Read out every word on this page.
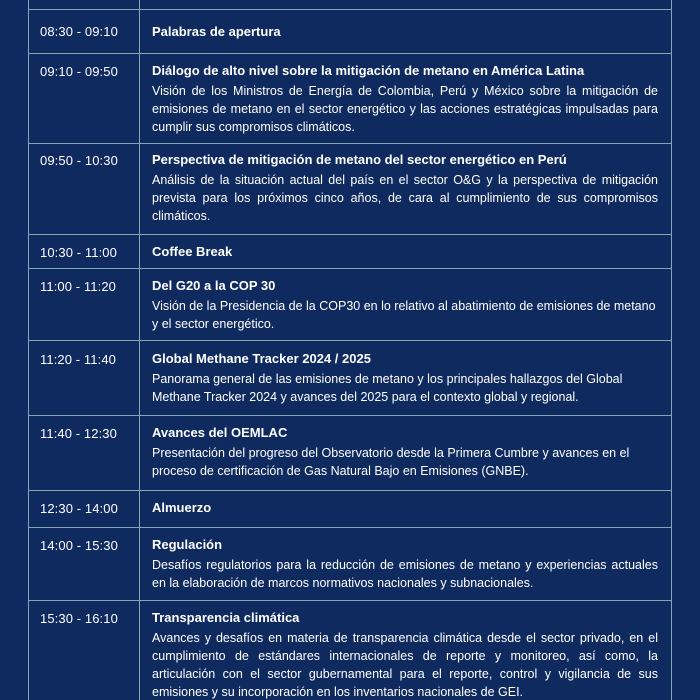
08:30 - 09:10	Palabras de apertura
09:10 - 09:50	Diálogo de alto nivel sobre la mitigación de metano en América Latina
Visión de los Ministros de Energía de Colombia, Perú y México sobre la mitigación de emisiones de metano en el sector energético y las acciones estratégicas impulsadas para cumplir sus compromisos climáticos.
09:50 - 10:30	Perspectiva de mitigación de metano del sector energético en Perú
Análisis de la situación actual del país en el sector O&G y la perspectiva de mitigación prevista para los próximos cinco años, de cara al cumplimiento de sus compromisos climáticos.
10:30 - 11:00	Coffee Break
11:00 - 11:20	Del G20 a la COP 30
Visión de la Presidencia de la COP30 en lo relativo al abatimiento de emisiones de metano y el sector energético.
11:20 - 11:40	Global Methane Tracker 2024 / 2025
Panorama general de las emisiones de metano y los principales hallazgos del Global Methane Tracker 2024 y avances del 2025 para el contexto global y regional.
11:40 - 12:30	Avances del OEMLAC
Presentación del progreso del Observatorio desde la Primera Cumbre y avances en el proceso de certificación de Gas Natural Bajo en Emisiones (GNBE).
12:30 - 14:00	Almuerzo
14:00 - 15:30	Regulación
Desafíos regulatorios para la reducción de emisiones de metano y experiencias actuales en la elaboración de marcos normativos nacionales y subnacionales.
15:30 - 16:10	Transparencia climática
Avances y desafíos en materia de transparencia climática desde el sector privado, en el cumplimiento de estándares internacionales de reporte y monitoreo, así como, la articulación con el sector gubernamental para el reporte, control y vigilancia de sus emisiones y su incorporación en los inventarios nacionales de GEI.
